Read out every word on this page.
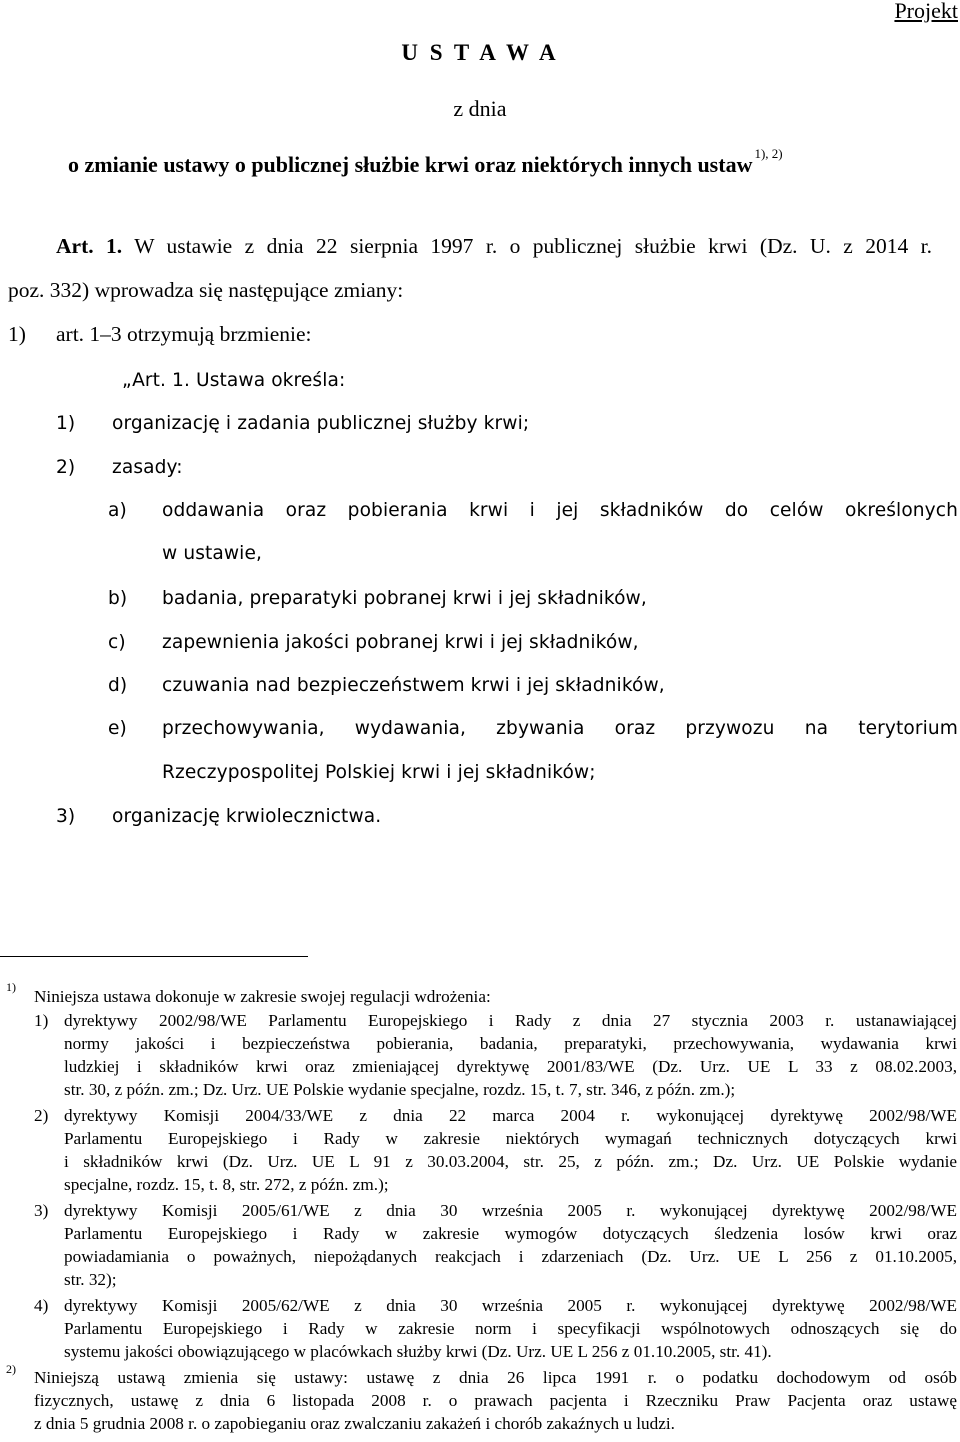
Projekt
U S T A W A
z dnia
o zmianie ustawy o publicznej służbie krwi oraz niektórych innych ustaw $^{1), 2)}$
Art. 1. W ustawie z dnia 22 sierpnia 1997 r. o publicznej służbie krwi (Dz. U. z 2014 r.
poz. 332) wprowadza się następujące zmiany:
1) art. 1–3 otrzymują brzmienie:
„Art. 1. Ustawa określa:
1) organizację i zadania publicznej służby krwi;
2) zasady:
a) oddawania oraz pobierania krwi i jej składników do celów określonych
w ustawie,
b) badania, preparatyki pobranej krwi i jej składników,
c) zapewnienia jakości pobranej krwi i jej składników,
d) czuwania nad bezpieczeństwem krwi i jej składników,
e) przechowywania, wydawania, zbywania oraz przywozu na terytorium
Rzeczypospolitej Polskiej krwi i jej składników;
3) organizację krwiolecznictwa.
1) Niniejsza ustawa dokonuje w zakresie swojej regulacji wdrożenia:
1) dyrektywy 2002/98/WE Parlamentu Europejskiego i Rady z dnia 27 stycznia 2003 r. ustanawiającej
normy jakości i bezpieczeństwa pobierania, badania, preparatyki, przechowywania, wydawania krwi
ludzkiej i składników krwi oraz zmieniającej dyrektywę 2001/83/WE (Dz. Urz. UE L 33 z 08.02.2003,
str. 30, z późn. zm.; Dz. Urz. UE Polskie wydanie specjalne, rozdz. 15, t. 7, str. 346, z późn. zm.);
2) dyrektywy Komisji 2004/33/WE z dnia 22 marca 2004 r. wykonującej dyrektywę 2002/98/WE
Parlamentu Europejskiego i Rady w zakresie niektórych wymagań technicznych dotyczących krwi
i składników krwi (Dz. Urz. UE L 91 z 30.03.2004, str. 25, z późn. zm.; Dz. Urz. UE Polskie wydanie
specjalne, rozdz. 15, t. 8, str. 272, z późn. zm.);
3) dyrektywy Komisji 2005/61/WE z dnia 30 września 2005 r. wykonującej dyrektywę 2002/98/WE
Parlamentu Europejskiego i Rady w zakresie wymogów dotyczących śledzenia losów krwi oraz
powiadamiania o poważnych, niepożądanych reakcjach i zdarzeniach (Dz. Urz. UE L 256 z 01.10.2005,
str. 32);
4) dyrektywy Komisji 2005/62/WE z dnia 30 września 2005 r. wykonującej dyrektywę 2002/98/WE
Parlamentu Europejskiego i Rady w zakresie norm i specyfikacji wspólnotowych odnoszących się do
systemu jakości obowiązującego w placówkach służby krwi (Dz. Urz. UE L 256 z 01.10.2005, str. 41).
2) Niniejszą ustawą zmienia się ustawy: ustawę z dnia 26 lipca 1991 r. o podatku dochodowym od osób
fizycznych, ustawę z dnia 6 listopada 2008 r. o prawach pacjenta i Rzeczniku Praw Pacjenta oraz ustawę
z dnia 5 grudnia 2008 r. o zapobieganiu oraz zwalczaniu zakażeń i chorób zakaźnych u ludzi.
